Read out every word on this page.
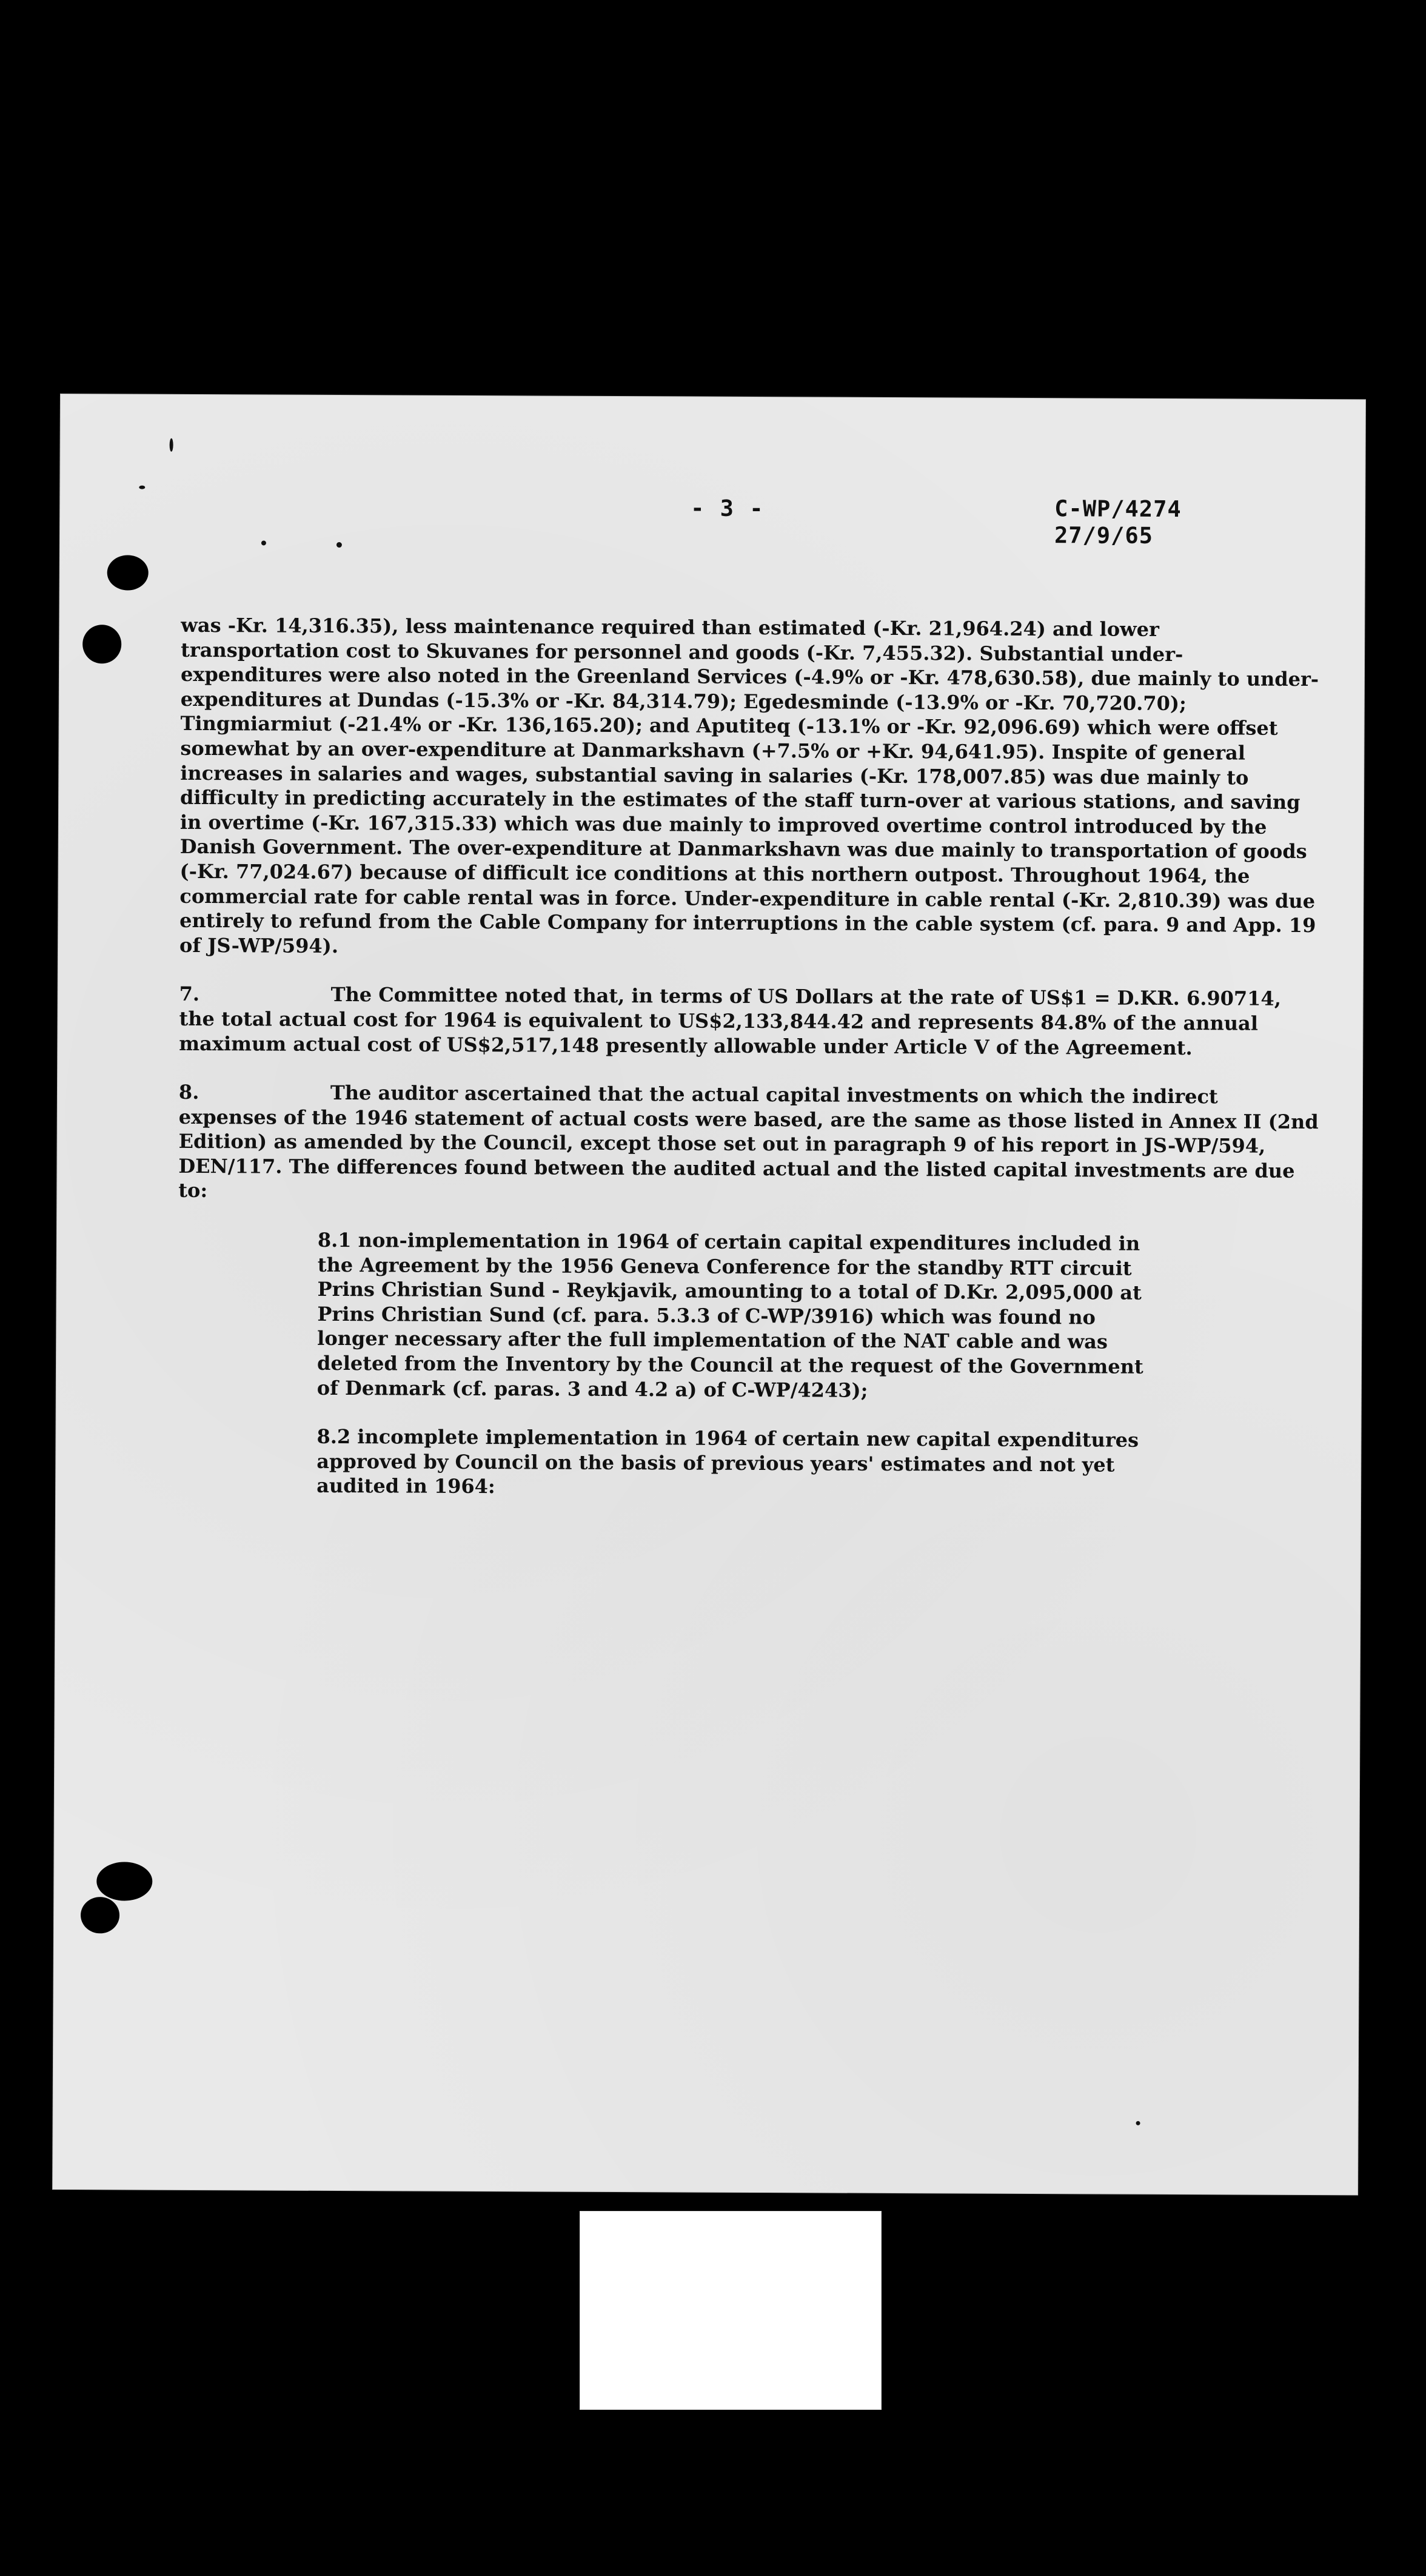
- 3 -	C-WP/4274
27/9/65

was -Kr. 14,316.35), less maintenance required than estimated (-Kr. 21,964.24) and lower transportation cost to Skuvanes for personnel and goods (-Kr. 7,455.32). Substantial under-expenditures were also noted in the Greenland Services (-4.9% or -Kr. 478,630.58), due mainly to under-expenditures at Dundas (-15.3% or -Kr. 84,314.79); Egedesminde (-13.9% or -Kr. 70,720.70); Tingmiarmiut (-21.4% or -Kr. 136,165.20); and Aputiteq (-13.1% or -Kr. 92,096.69) which were offset somewhat by an over-expenditure at Danmarkshavn (+7.5% or +Kr. 94,641.95). Inspite of general increases in salaries and wages, substantial saving in salaries (-Kr. 178,007.85) was due mainly to difficulty in predicting accurately in the estimates of the staff turn-over at various stations, and saving in overtime (-Kr. 167,315.33) which was due mainly to improved overtime control introduced by the Danish Government. The over-expenditure at Danmarkshavn was due mainly to transportation of goods (-Kr. 77,024.67) because of difficult ice conditions at this northern outpost. Throughout 1964, the commercial rate for cable rental was in force. Under-expenditure in cable rental (-Kr. 2,810.39) was due entirely to refund from the Cable Company for interruptions in the cable system (cf. para. 9 and App. 19 of JS-WP/594).

7.	The Committee noted that, in terms of US Dollars at the rate of US$1 = D.KR. 6.90714, the total actual cost for 1964 is equivalent to US$2,133,844.42 and represents 84.8% of the annual maximum actual cost of US$2,517,148 presently allowable under Article V of the Agreement.

8.	The auditor ascertained that the actual capital investments on which the indirect expenses of the 1946 statement of actual costs were based, are the same as those listed in Annex II (2nd Edition) as amended by the Council, except those set out in paragraph 9 of his report in JS-WP/594, DEN/117. The differences found between the audited actual and the listed capital investments are due to:

8.1 non-implementation in 1964 of certain capital expenditures included in the Agreement by the 1956 Geneva Conference for the standby RTT circuit Prins Christian Sund - Reykjavik, amounting to a total of D.Kr. 2,095,000 at Prins Christian Sund (cf. para. 5.3.3 of C-WP/3916) which was found no longer necessary after the full implementation of the NAT cable and was deleted from the Inventory by the Council at the request of the Government of Denmark (cf. paras. 3 and 4.2 a) of C-WP/4243);

8.2 incomplete implementation in 1964 of certain new capital expenditures approved by Council on the basis of previous years' estimates and not yet audited in 1964:
